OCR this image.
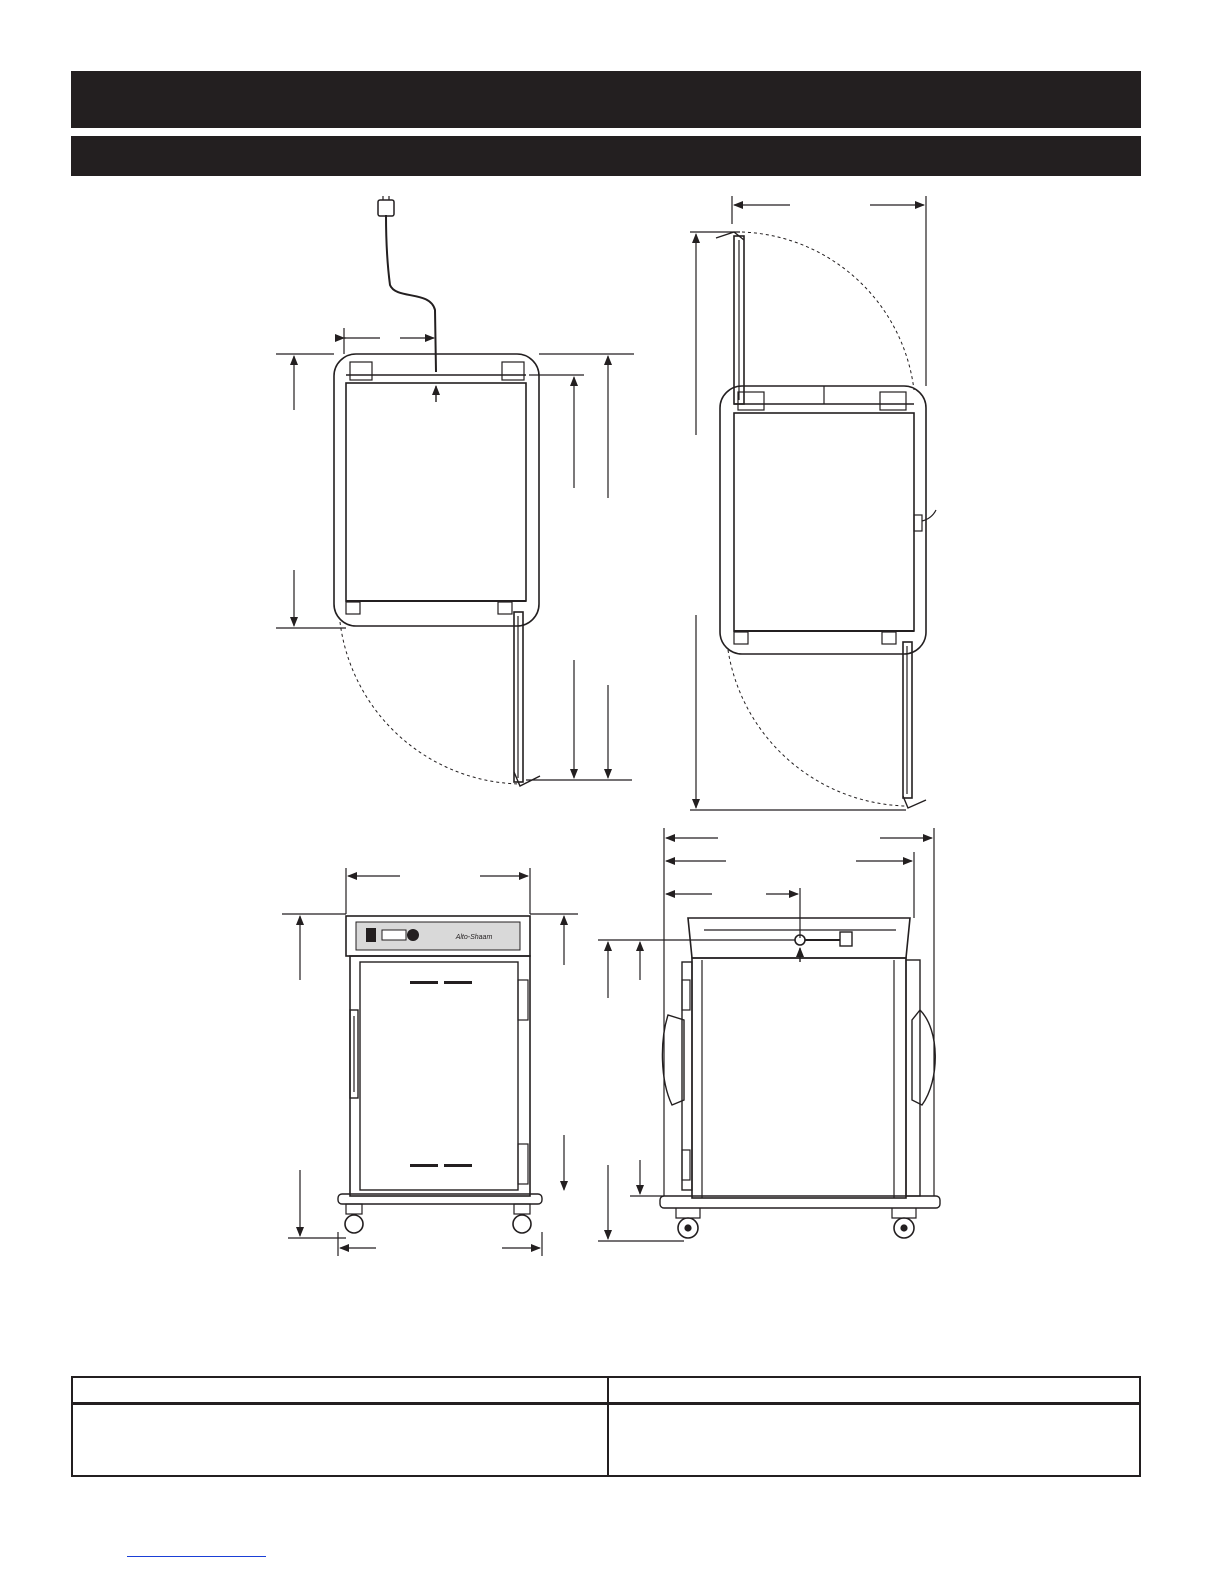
Alto-Shaam
